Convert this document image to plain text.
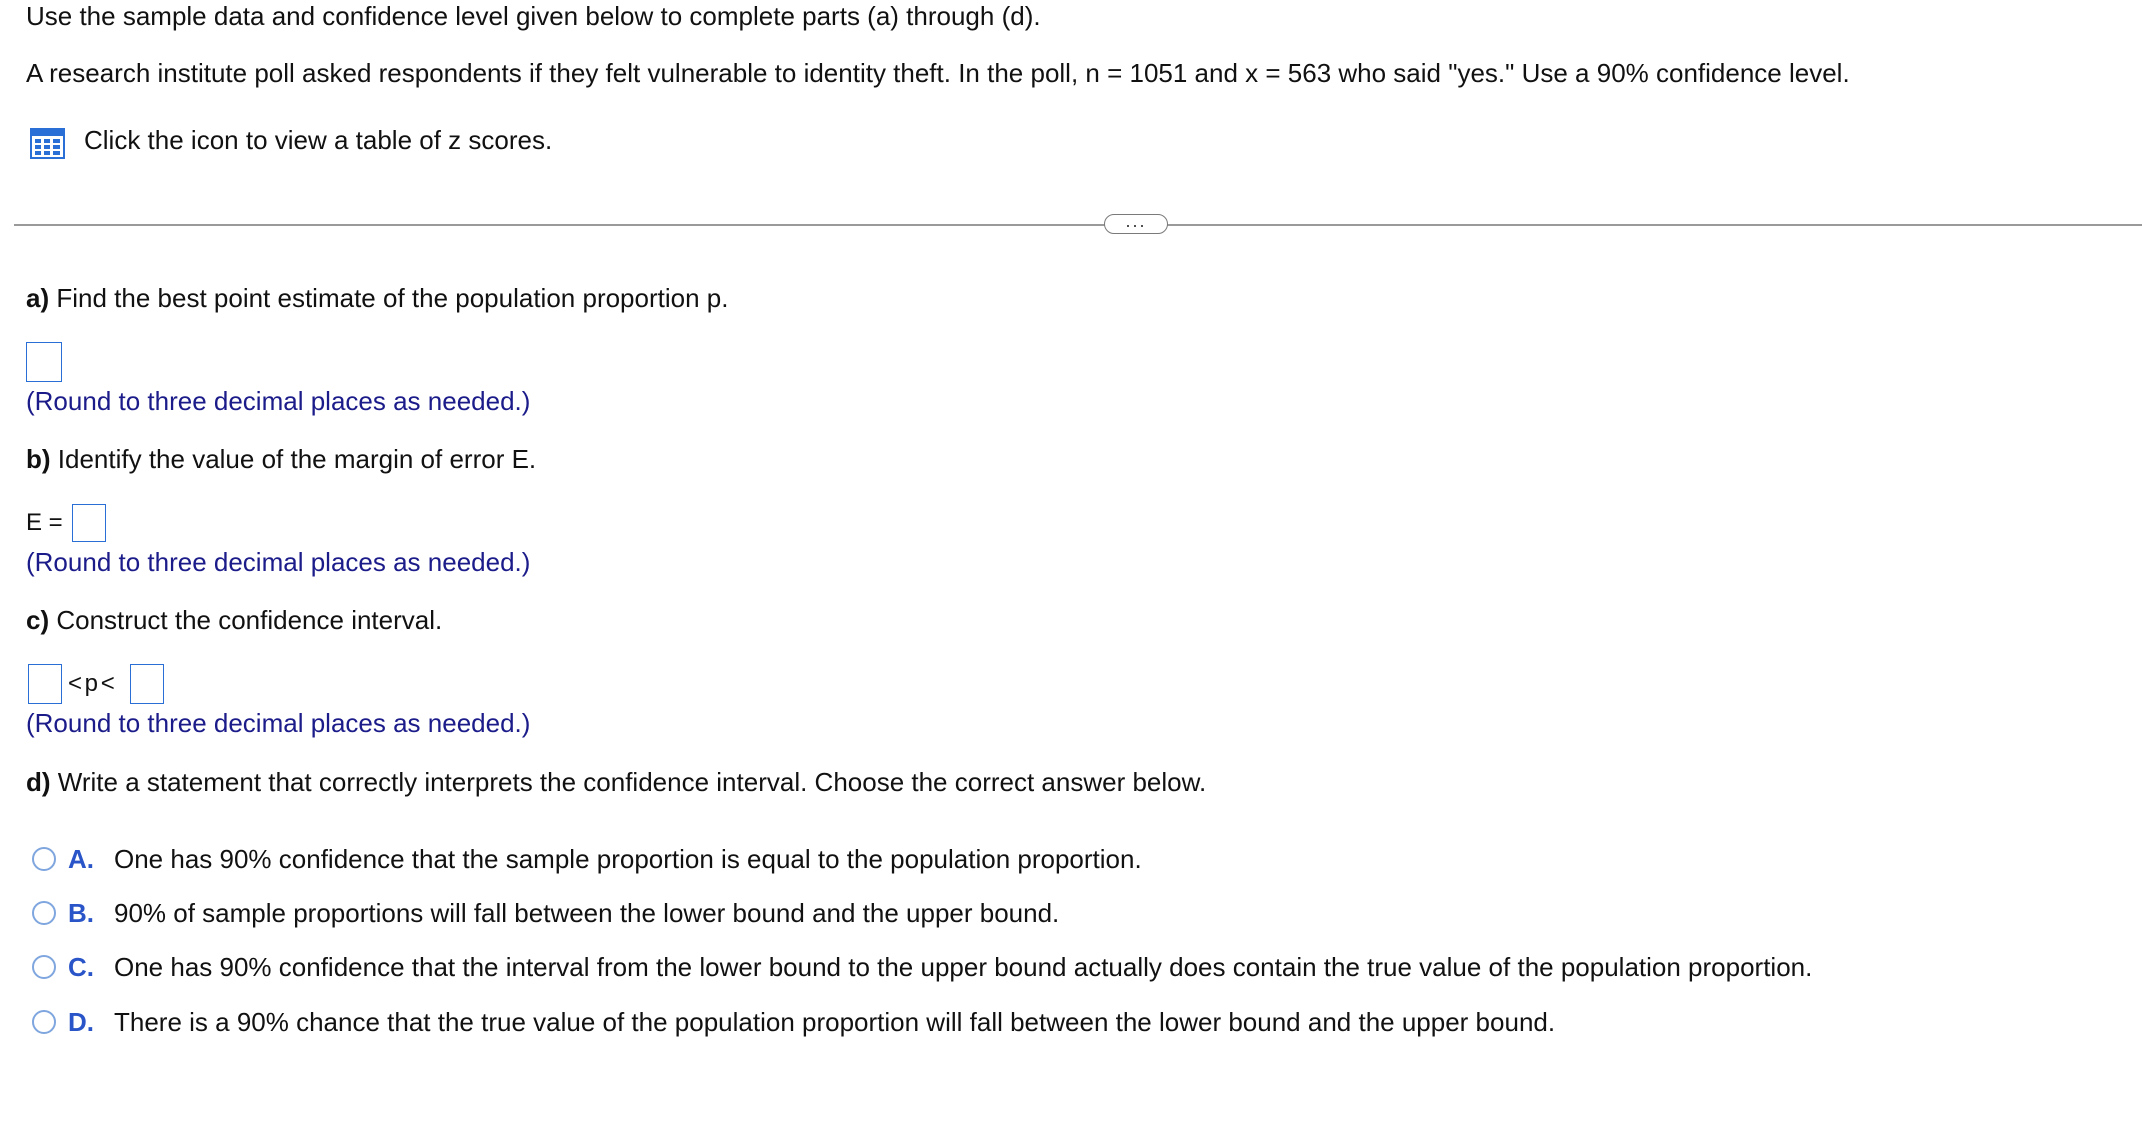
Use the sample data and confidence level given below to complete parts (a) through (d).
A research institute poll asked respondents if they felt vulnerable to identity theft. In the poll, n = 1051 and x = 563 who said "yes." Use a 90% confidence level.
Click the icon to view a table of z scores.
...
a) Find the best point estimate of the population proportion p.
(Round to three decimal places as needed.)
b) Identify the value of the margin of error E.
E =
(Round to three decimal places as needed.)
c) Construct the confidence interval.
< p <
(Round to three decimal places as needed.)
d) Write a statement that correctly interprets the confidence interval. Choose the correct answer below.
A. One has 90% confidence that the sample proportion is equal to the population proportion.
B. 90% of sample proportions will fall between the lower bound and the upper bound.
C. One has 90% confidence that the interval from the lower bound to the upper bound actually does contain the true value of the population proportion.
D. There is a 90% chance that the true value of the population proportion will fall between the lower bound and the upper bound.
